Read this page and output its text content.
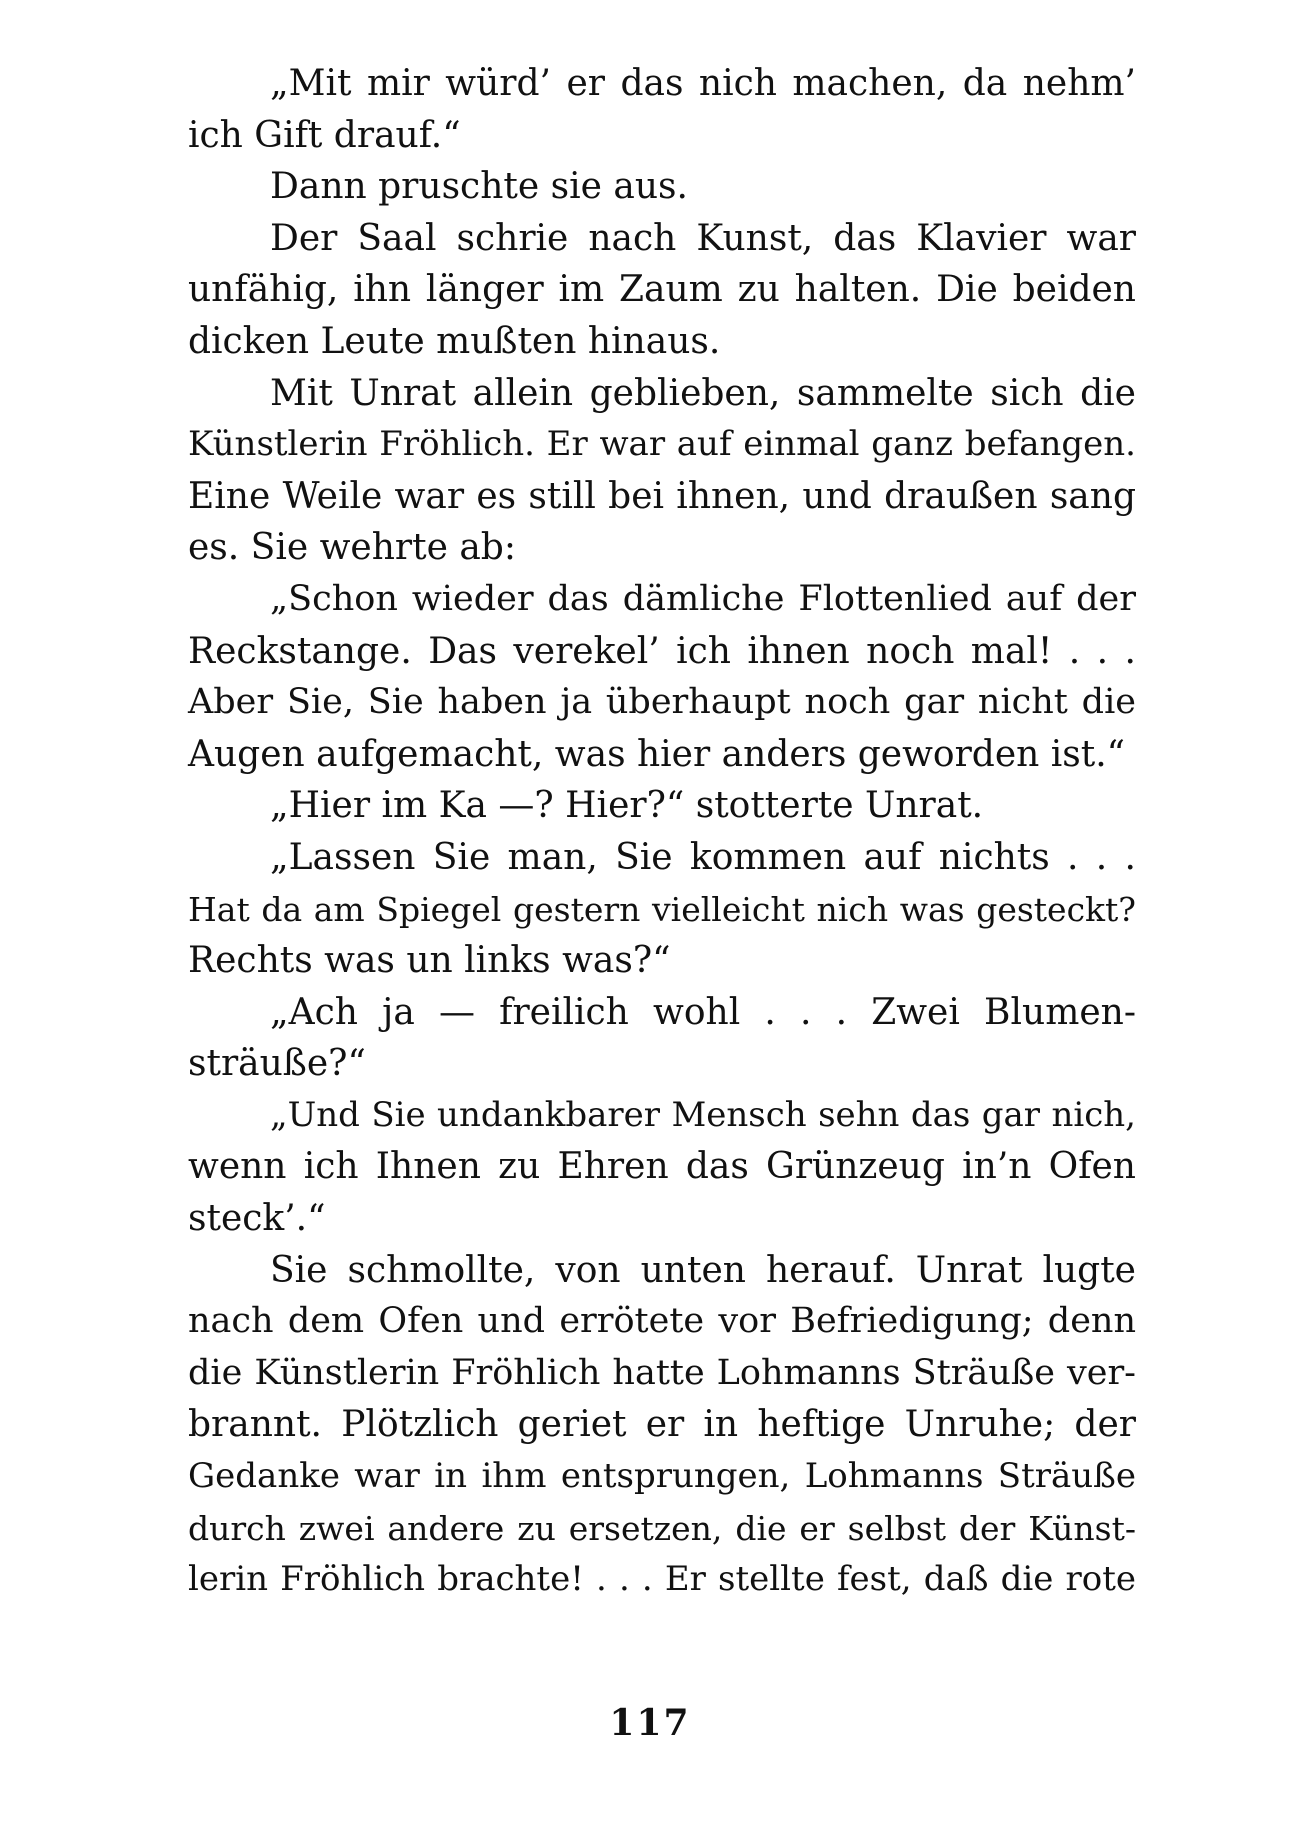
„Mit mir würd’ er das nich machen, da nehm’
ich Gift drauf.“
Dann pruschte sie aus.
Der Saal schrie nach Kunst, das Klavier war
unfähig, ihn länger im Zaum zu halten. Die beiden
dicken Leute mußten hinaus.
Mit Unrat allein geblieben, sammelte sich die
Künstlerin Fröhlich. Er war auf einmal ganz befangen.
Eine Weile war es still bei ihnen, und draußen sang
es. Sie wehrte ab:
„Schon wieder das dämliche Flottenlied auf der
Reckstange. Das verekel’ ich ihnen noch mal! . . .
Aber Sie, Sie haben ja überhaupt noch gar nicht die
Augen aufgemacht, was hier anders geworden ist.“
„Hier im Ka —? Hier?“ stotterte Unrat.
„Lassen Sie man, Sie kommen auf nichts . . .
Hat da am Spiegel gestern vielleicht nich was gesteckt?
Rechts was un links was?“
„Ach ja — freilich wohl . . . Zwei Blumen-
sträuße?“
„Und Sie undankbarer Mensch sehn das gar nich,
wenn ich Ihnen zu Ehren das Grünzeug in’n Ofen
steck’.“
Sie schmollte, von unten herauf. Unrat lugte
nach dem Ofen und errötete vor Befriedigung; denn
die Künstlerin Fröhlich hatte Lohmanns Sträuße ver-
brannt. Plötzlich geriet er in heftige Unruhe; der
Gedanke war in ihm entsprungen, Lohmanns Sträuße
durch zwei andere zu ersetzen, die er selbst der Künst-
lerin Fröhlich brachte! . . . Er stellte fest, daß die rote
117
